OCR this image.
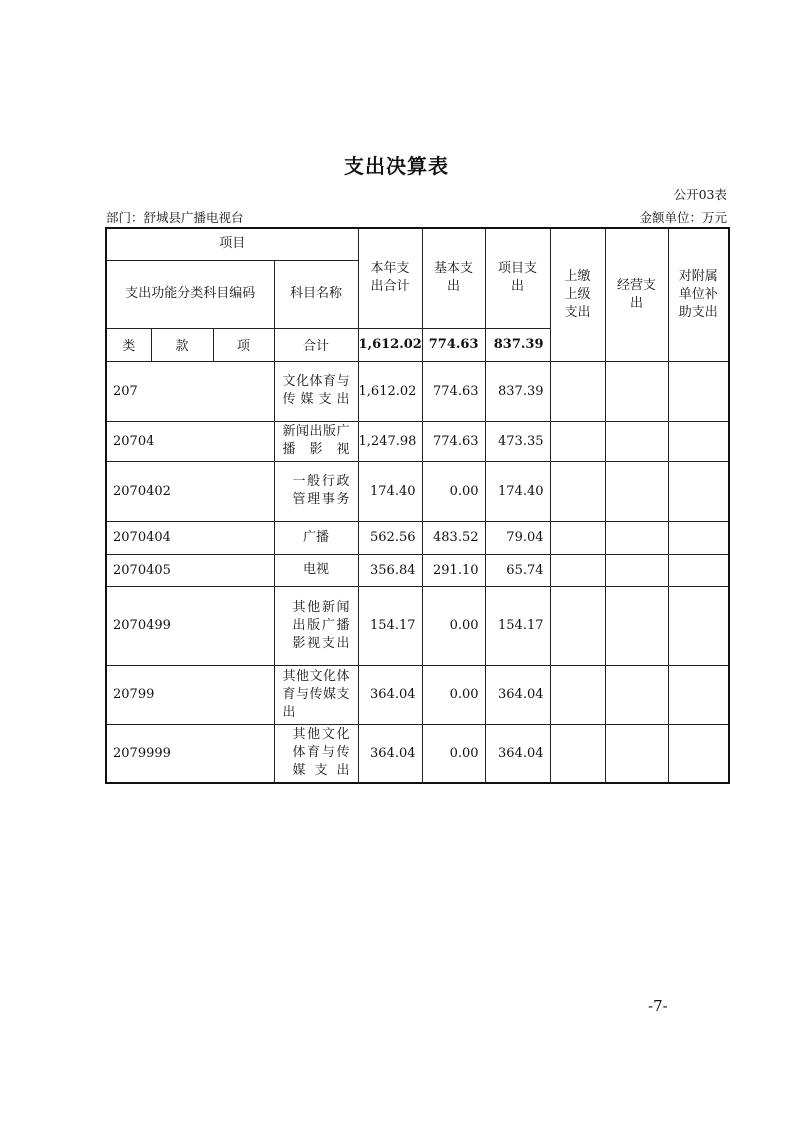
支出决算表
公开03表
部门：舒城县广播电视台	金额单位：万元
项目				本年支出合计	基本支出	项目支出	上缴上级支出	经营支出	对附属单位补助支出

支出功能分类科目编码			科目名称						
类	款	项	合计	1,612.02	774.63	837.39			
207			文化体育与传媒支出	1,612.02	774.63	837.39			
20704			新闻出版广播影视	1,247.98	774.63	473.35			
2070402			一般行政管理事务	174.40	0.00	174.40			
2070404			广播	562.56	483.52	79.04			
2070405			电视	356.84	291.10	65.74			
2070499			其他新闻出版广播影视支出	154.17	0.00	154.17			
20799			其他文化体育与传媒支出	364.04	0.00	364.04			
2079999			其他文化体育与传媒支出	364.04	0.00	364.04			
-7-
